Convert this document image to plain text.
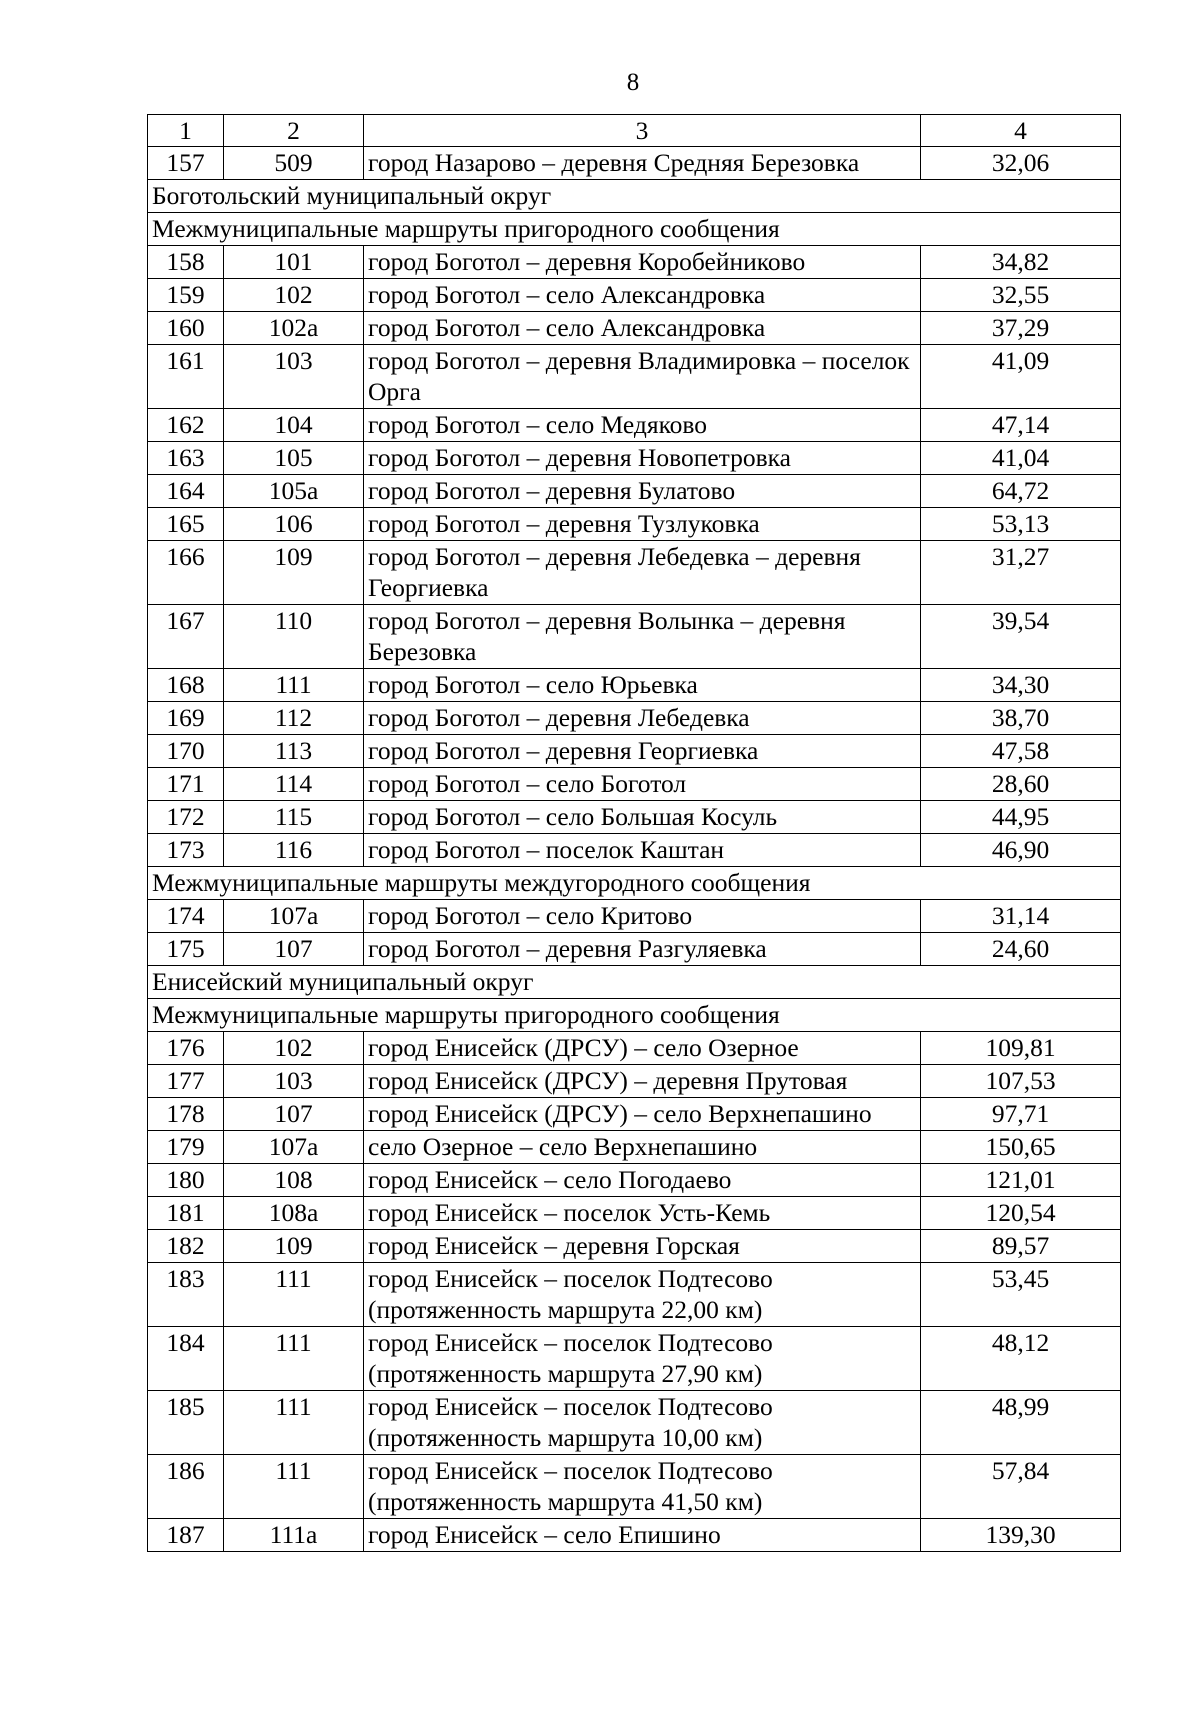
8
1	2	3	4
157	509	город Назарово – деревня Средняя Березовка	32,06
Боготольский муниципальный округ			
Межмуниципальные маршруты пригородного сообщения			
158	101	город Боготол – деревня Коробейниково	34,82
159	102	город Боготол – село Александровка	32,55
160	102а	город Боготол – село Александровка	37,29
161	103	город Боготол – деревня Владимировка – поселок Орга	41,09
162	104	город Боготол – село Медяково	47,14
163	105	город Боготол – деревня Новопетровка	41,04
164	105а	город Боготол – деревня Булатово	64,72
165	106	город Боготол – деревня Тузлуковка	53,13
166	109	город Боготол – деревня Лебедевка – деревня Георгиевка	31,27
167	110	город Боготол – деревня Волынка – деревня Березовка	39,54
168	111	город Боготол – село Юрьевка	34,30
169	112	город Боготол – деревня Лебедевка	38,70
170	113	город Боготол – деревня Георгиевка	47,58
171	114	город Боготол – село Боготол	28,60
172	115	город Боготол – село Большая Косуль	44,95
173	116	город Боготол – поселок Каштан	46,90
Межмуниципальные маршруты междугородного сообщения			
174	107а	город Боготол – село Критово	31,14
175	107	город Боготол – деревня Разгуляевка	24,60
Енисейский муниципальный округ			
Межмуниципальные маршруты пригородного сообщения			
176	102	город Енисейск (ДРСУ) – село Озерное	109,81
177	103	город Енисейск (ДРСУ) – деревня Прутовая	107,53
178	107	город Енисейск (ДРСУ) – село Верхнепашино	97,71
179	107а	село Озерное – село Верхнепашино	150,65
180	108	город Енисейск – село Погодаево	121,01
181	108а	город Енисейск – поселок Усть-Кемь	120,54
182	109	город Енисейск – деревня Горская	89,57
183	111	город Енисейск – поселок Подтесово (протяженность маршрута 22,00 км)	53,45
184	111	город Енисейск – поселок Подтесово (протяженность маршрута 27,90 км)	48,12
185	111	город Енисейск – поселок Подтесово (протяженность маршрута 10,00 км)	48,99
186	111	город Енисейск – поселок Подтесово (протяженность маршрута 41,50 км)	57,84
187	111а	город Енисейск – село Епишино	139,30
